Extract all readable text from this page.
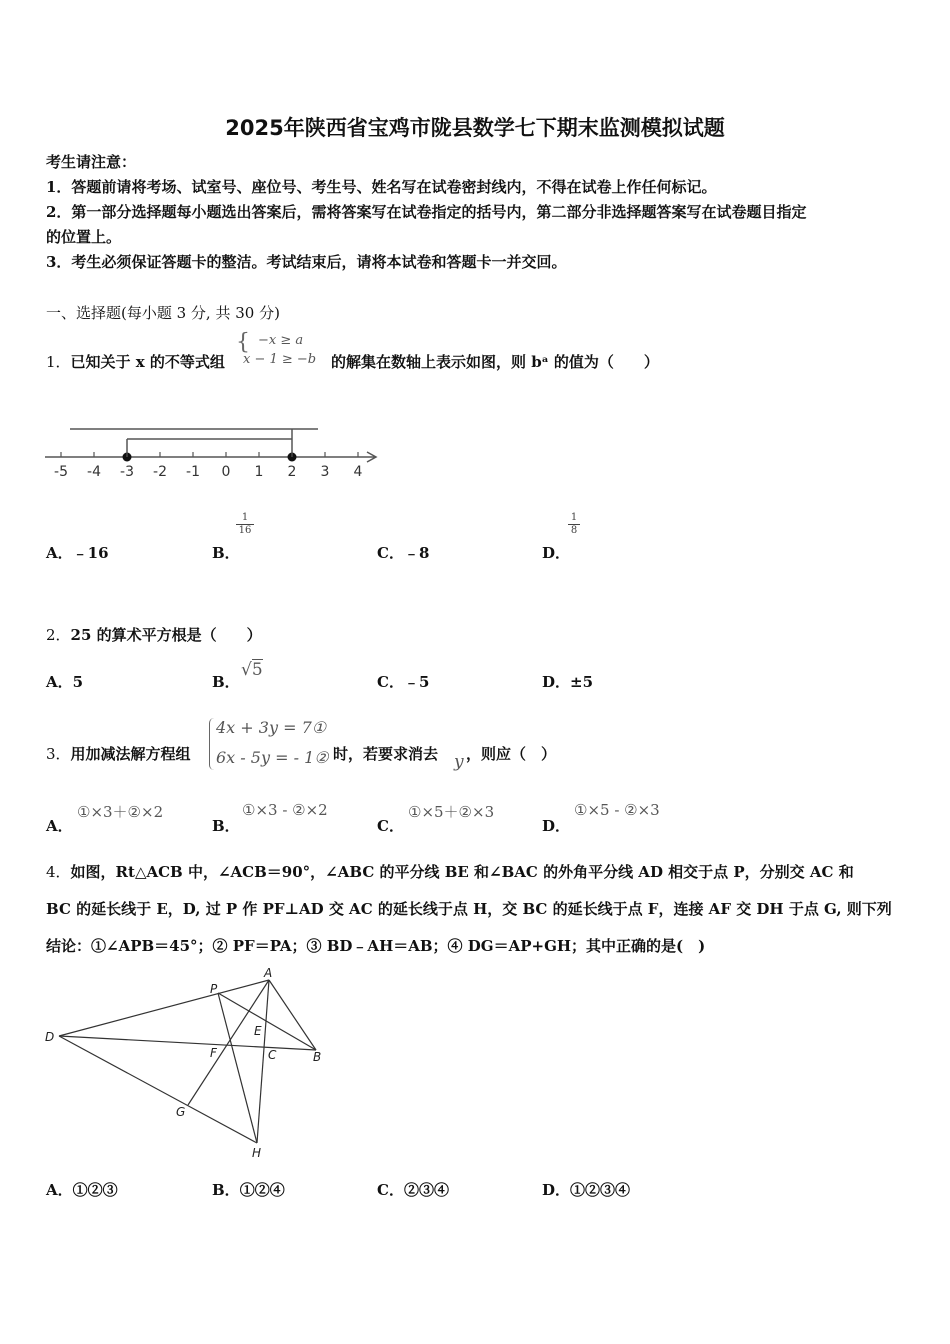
2025年陕西省宝鸡市陇县数学七下期末监测模拟试题
考生请注意：
1．答题前请将考场、试室号、座位号、考生号、姓名写在试卷密封线内，不得在试卷上作任何标记。
2．第一部分选择题每小题选出答案后，需将答案写在试卷指定的括号内，第二部分非选择题答案写在试卷题目指定
的位置上。
3．考生必须保证答题卡的整洁。考试结束后，请将本试卷和答题卡一并交回。
一、选择题(每小题 3 分, 共 30 分)
1．已知关于 x 的不等式组
{ −x ≥ a
x − 1 ≥ −b 的解集在数轴上表示如图，则 bᵃ 的值为（　　）
-5 -4 -3 -2 -1 0 1 2 3 4
A．﹣16	B．
$\frac{1}{16}$
C．﹣8	D．
$\frac{1}{8}$
2．25 的算术平方根是（　　）
A．5	B．
√5
C．﹣5	D．±5
3．用加减法解方程组
4x + 3y = 7①
6x - 5y = - 1② 时，若要求消去 y ，则应（　）
A．
①×3＋②×2
B．
①×3 - ②×2
C．
①×5＋②×3
D．
①×5 - ②×3
4．如图，Rt△ACB 中，∠ACB＝90°，∠ABC 的平分线 BE 和∠BAC 的外角平分线 AD 相交于点 P，分别交 AC 和
BC 的延长线于 E，D, 过 P 作 PF⊥AD 交 AC 的延长线于点 H，交 BC 的延长线于点 F，连接 AF 交 DH 于点 G, 则下列
结论：①∠APB＝45°；② PF＝PA；③ BD﹣AH＝AB；④ DG＝AP+GH；其中正确的是(　)
A
P
D	E
F	C	B
G
H
A．①②③	B．①②④	C．②③④	D．①②③④
